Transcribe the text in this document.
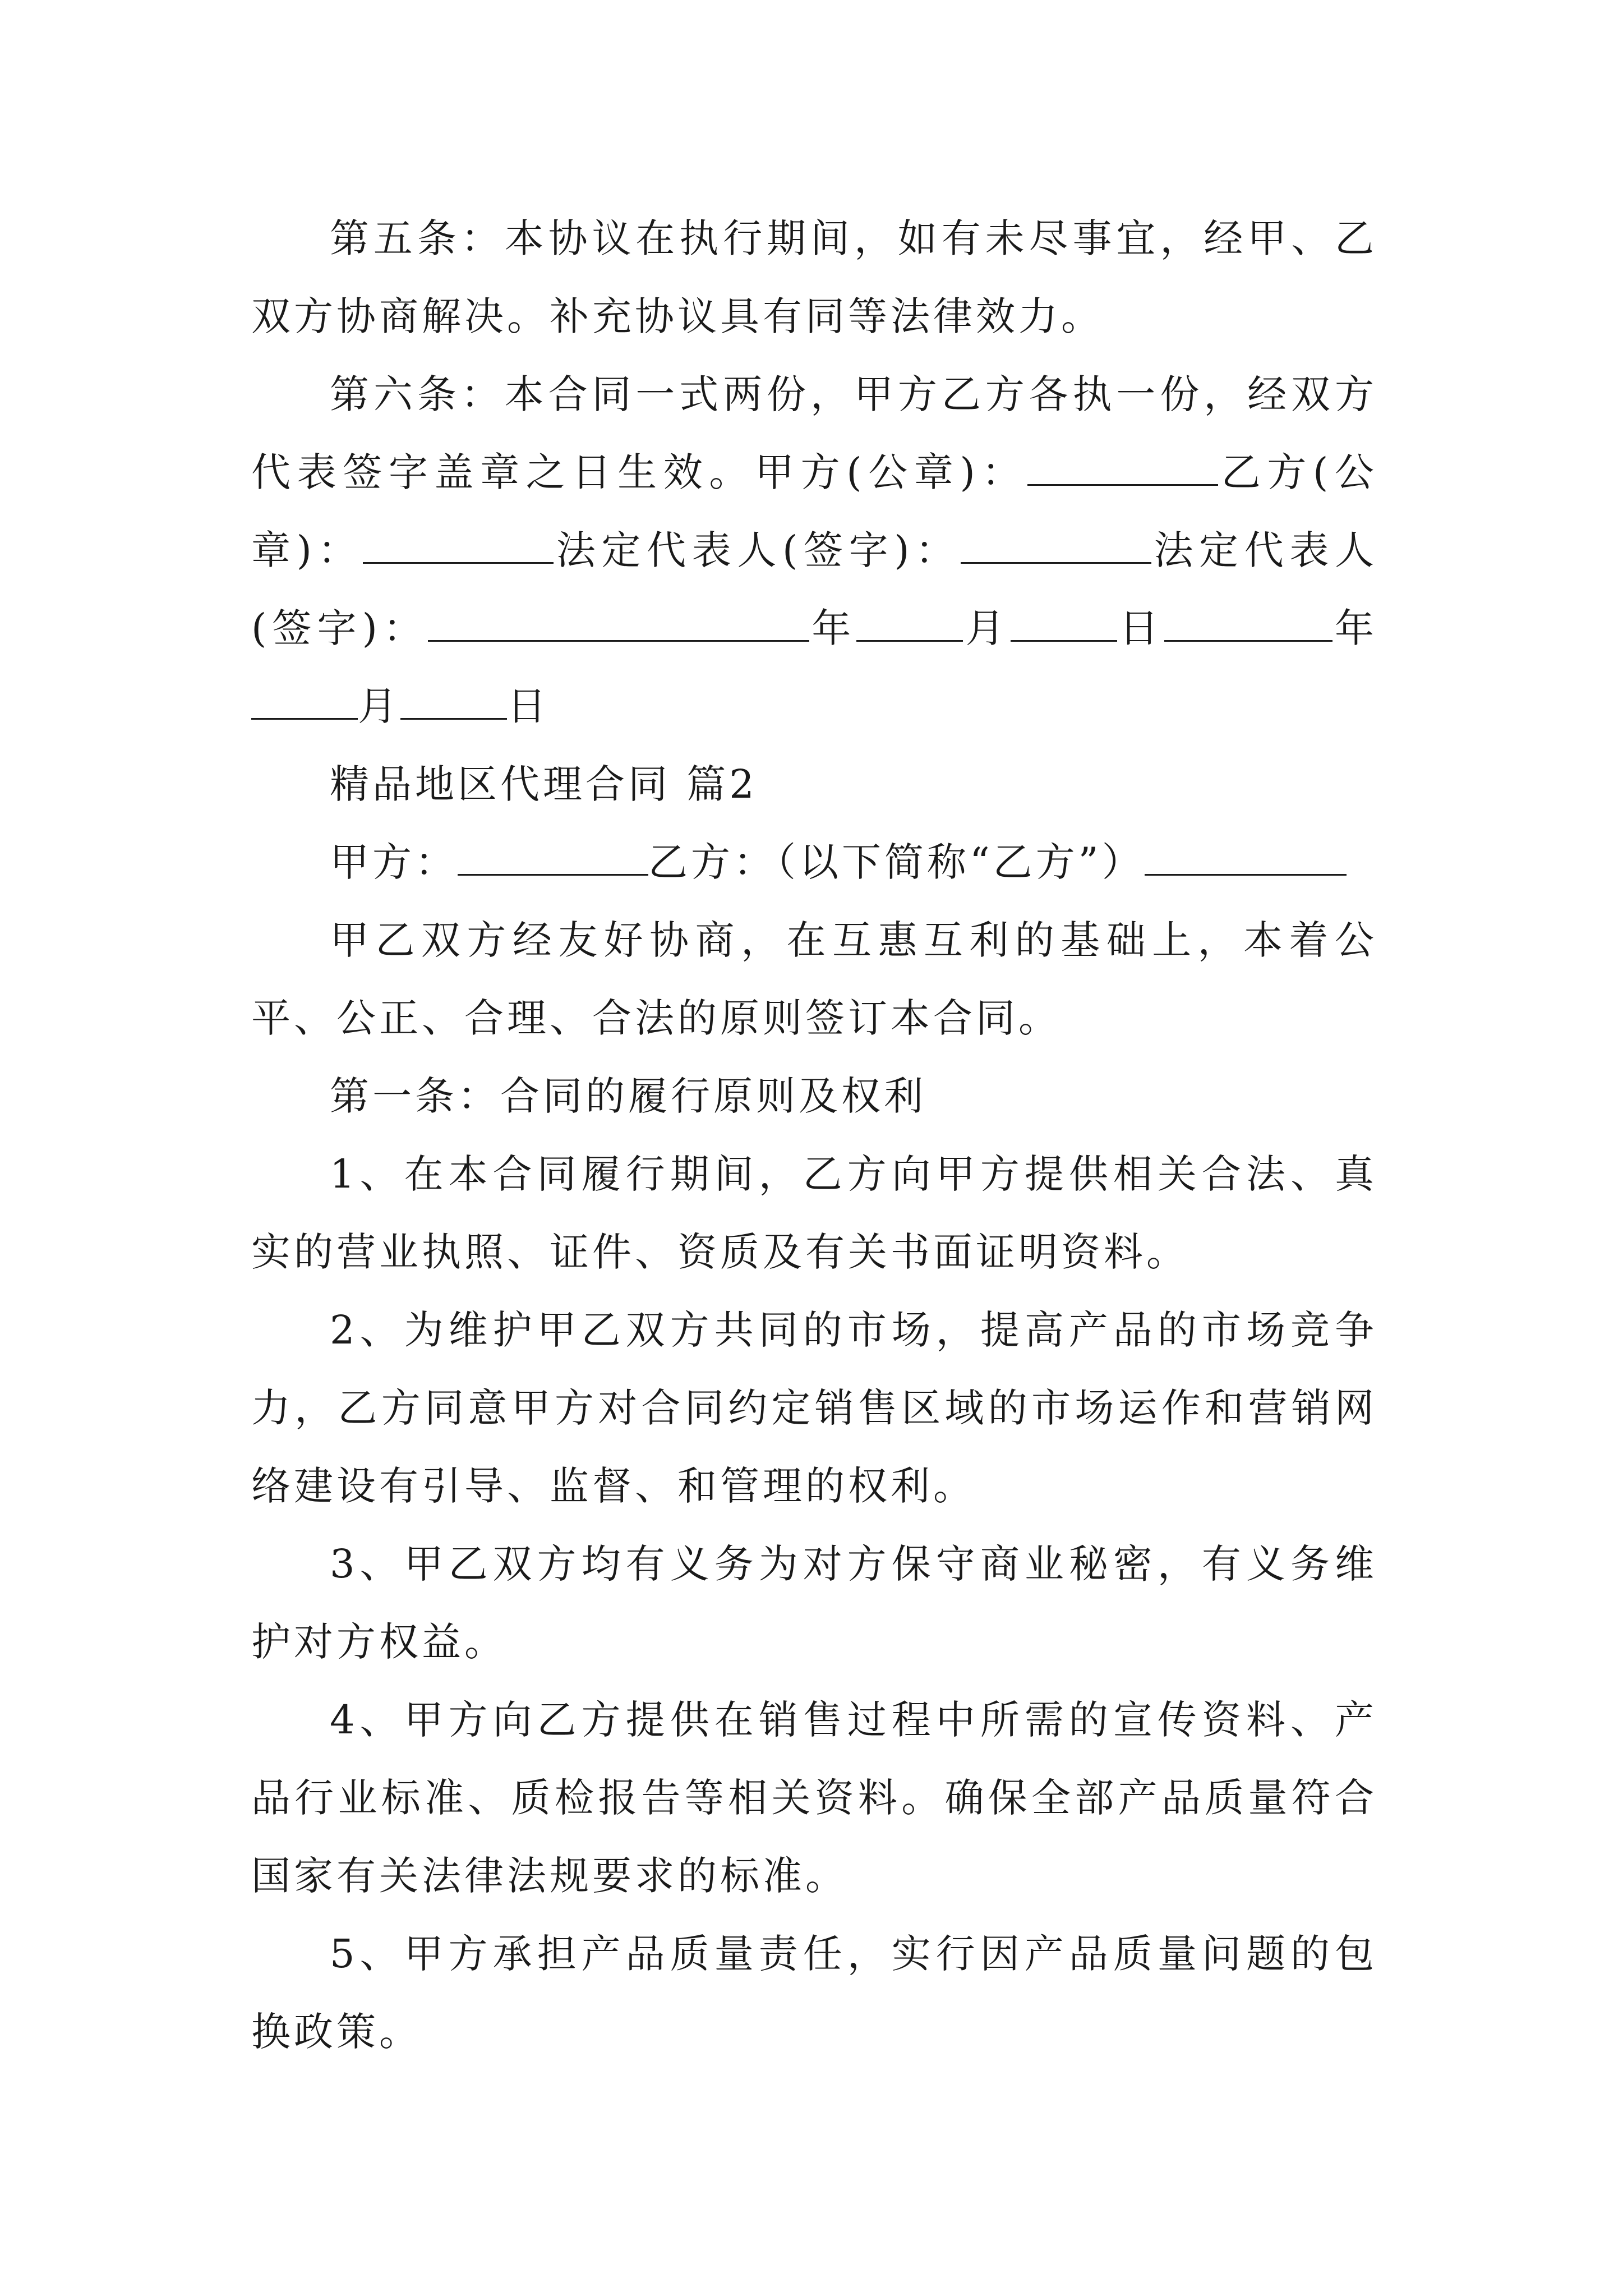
第五条：本协议在执行期间，如有未尽事宜，经甲、乙双方协商解决。补充协议具有同等法律效力。

第六条：本合同一式两份，甲方乙方各执一份，经双方代表签字盖章之日生效。甲方(公章)：	乙方(公章)：	法定代表人(签字)：	法定代表人(签字)：	年	月	日	年月	日

精品地区代理合同 篇2

甲方：	乙方：（以下简称“乙方”）

甲乙双方经友好协商，在互惠互利的基础上，本着公平、公正、合理、合法的原则签订本合同。

第一条：合同的履行原则及权利

1、在本合同履行期间，乙方向甲方提供相关合法、真实的营业执照、证件、资质及有关书面证明资料。

2、为维护甲乙双方共同的市场，提高产品的市场竞争力，乙方同意甲方对合同约定销售区域的市场运作和营销网络建设有引导、监督、和管理的权利。

3、甲乙双方均有义务为对方保守商业秘密，有义务维护对方权益。

4、甲方向乙方提供在销售过程中所需的宣传资料、产品行业标准、质检报告等相关资料。确保全部产品质量符合国家有关法律法规要求的标准。

5、甲方承担产品质量责任，实行因产品质量问题的包换政策。
